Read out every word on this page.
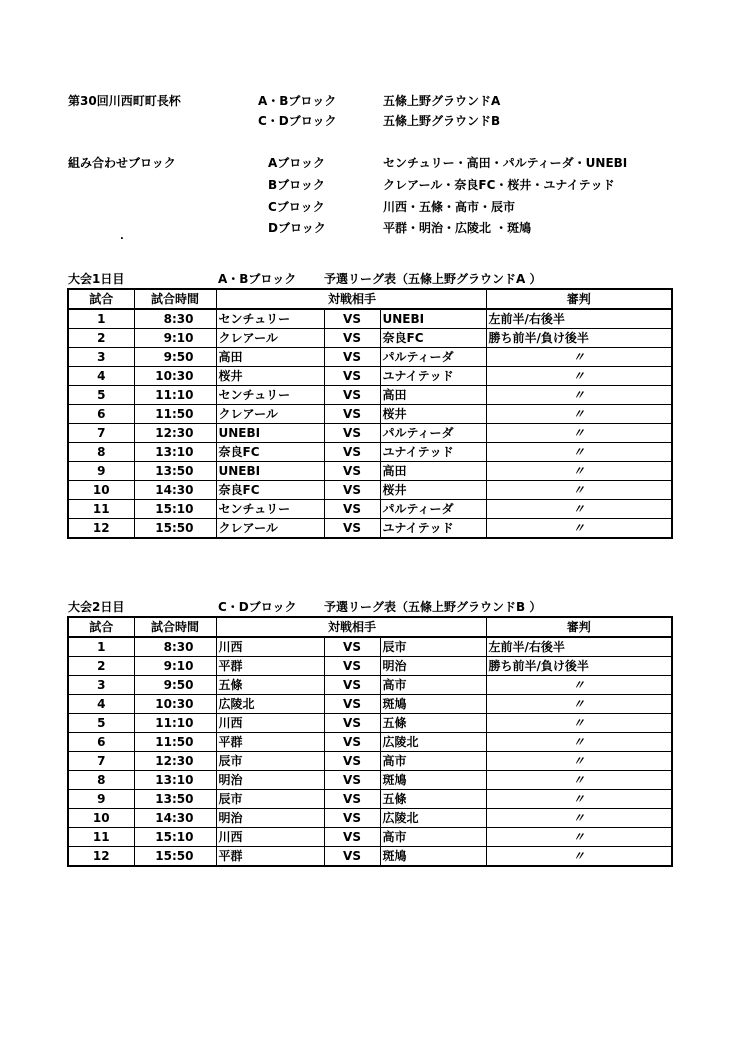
第30回川西町町長杯	A・Bブロック	五條上野グラウンドA
C・Dブロック	五條上野グラウンドB
組み合わせブロック	Aブロック	センチュリー・高田・パルティーダ・UNEBI
Bブロック	クレアール・奈良FC・桜井・ユナイテッド
Cブロック	川西・五條・高市・辰市
Dブロック	平群・明治・広陵北 ・斑鳩
.
大会1日目	A・Bブロック 予選リーグ表（五條上野グラウンドA ）
試合	試合時間		対戦相手		審判
1	8:30	センチュリー	VS	UNEBI	左前半/右後半
2	9:10	クレアール	VS	奈良FC	勝ち前半/負け後半
3	9:50	高田	VS	パルティーダ	〃
4	10:30	桜井	VS	ユナイテッド	〃
5	11:10	センチュリー	VS	高田	〃
6	11:50	クレアール	VS	桜井	〃
7	12:30	UNEBI	VS	パルティーダ	〃
8	13:10	奈良FC	VS	ユナイテッド	〃
9	13:50	UNEBI	VS	高田	〃
10	14:30	奈良FC	VS	桜井	〃
11	15:10	センチュリー	VS	パルティーダ	〃
12	15:50	クレアール	VS	ユナイテッド	〃
大会2日目	C・Dブロック 予選リーグ表（五條上野グラウンドB ）
試合	試合時間		対戦相手		審判
1	8:30	川西	VS	辰市	左前半/右後半
2	9:10	平群	VS	明治	勝ち前半/負け後半
3	9:50	五條	VS	高市	〃
4	10:30	広陵北	VS	斑鳩	〃
5	11:10	川西	VS	五條	〃
6	11:50	平群	VS	広陵北	〃
7	12:30	辰市	VS	高市	〃
8	13:10	明治	VS	斑鳩	〃
9	13:50	辰市	VS	五條	〃
10	14:30	明治	VS	広陵北	〃
11	15:10	川西	VS	高市	〃
12	15:50	平群	VS	斑鳩	〃
